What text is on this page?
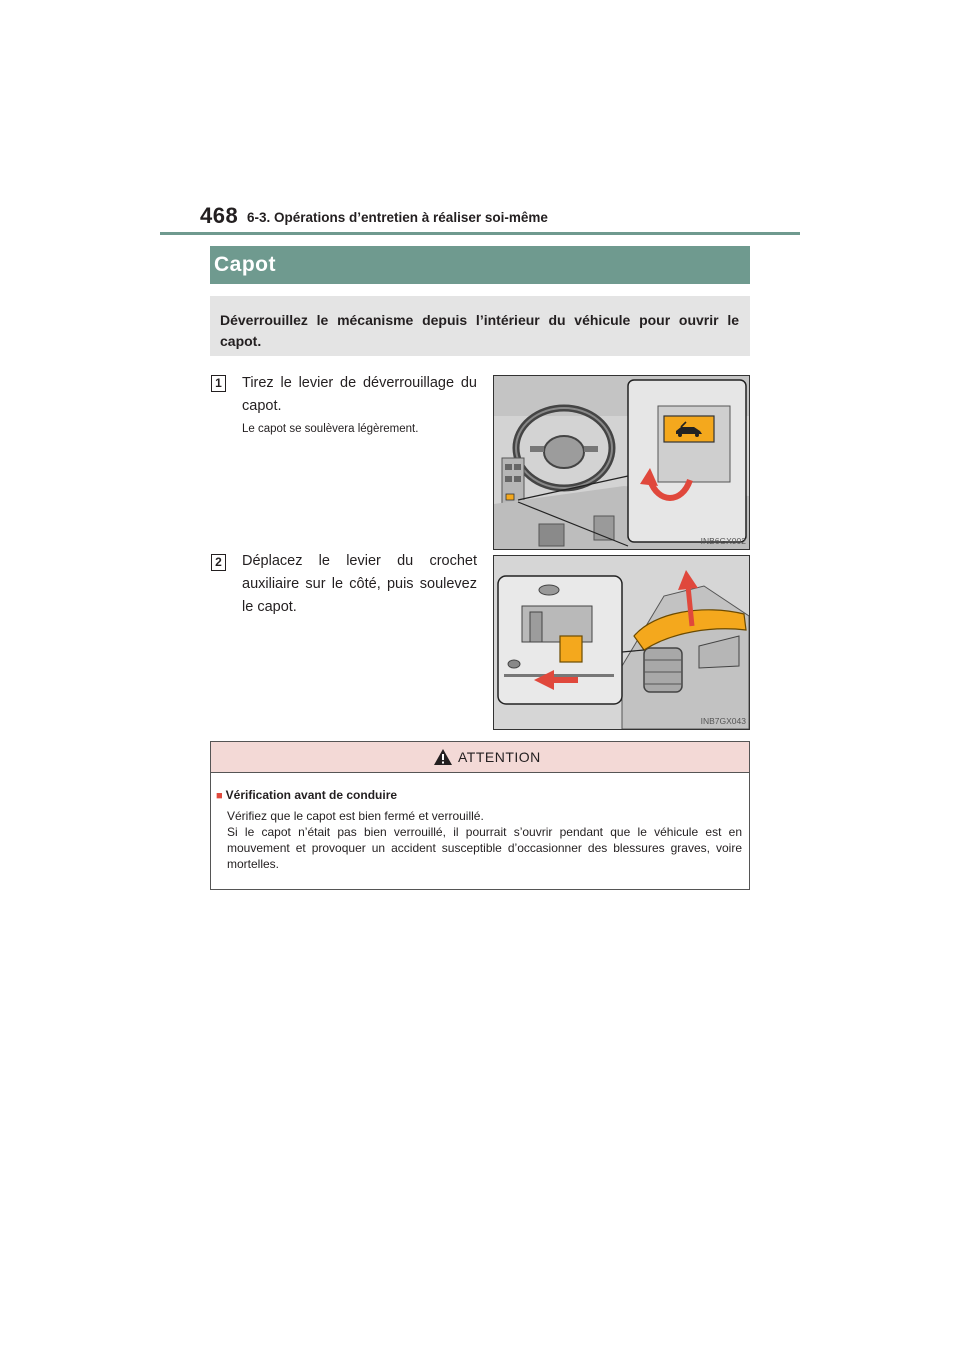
468 6-3. Opérations d’entretien à réaliser soi-même
Capot
Déverrouillez le mécanisme depuis l’intérieur du véhicule pour ouvrir le capot.
1 Tirez le levier de déverrouillage du capot.
Le capot se soulèvera légèrement.
INB6GX002
2 Déplacez le levier du crochet auxiliaire sur le côté, puis soulevez le capot.
INB7GX043
ATTENTION
■ Vérification avant de conduire

Vérifiez que le capot est bien fermé et verrouillé.

Si le capot n’était pas bien verrouillé, il pourrait s’ouvrir pendant que le véhicule est en mouvement et provoquer un accident susceptible d’occasionner des blessures graves, voire mortelles.
